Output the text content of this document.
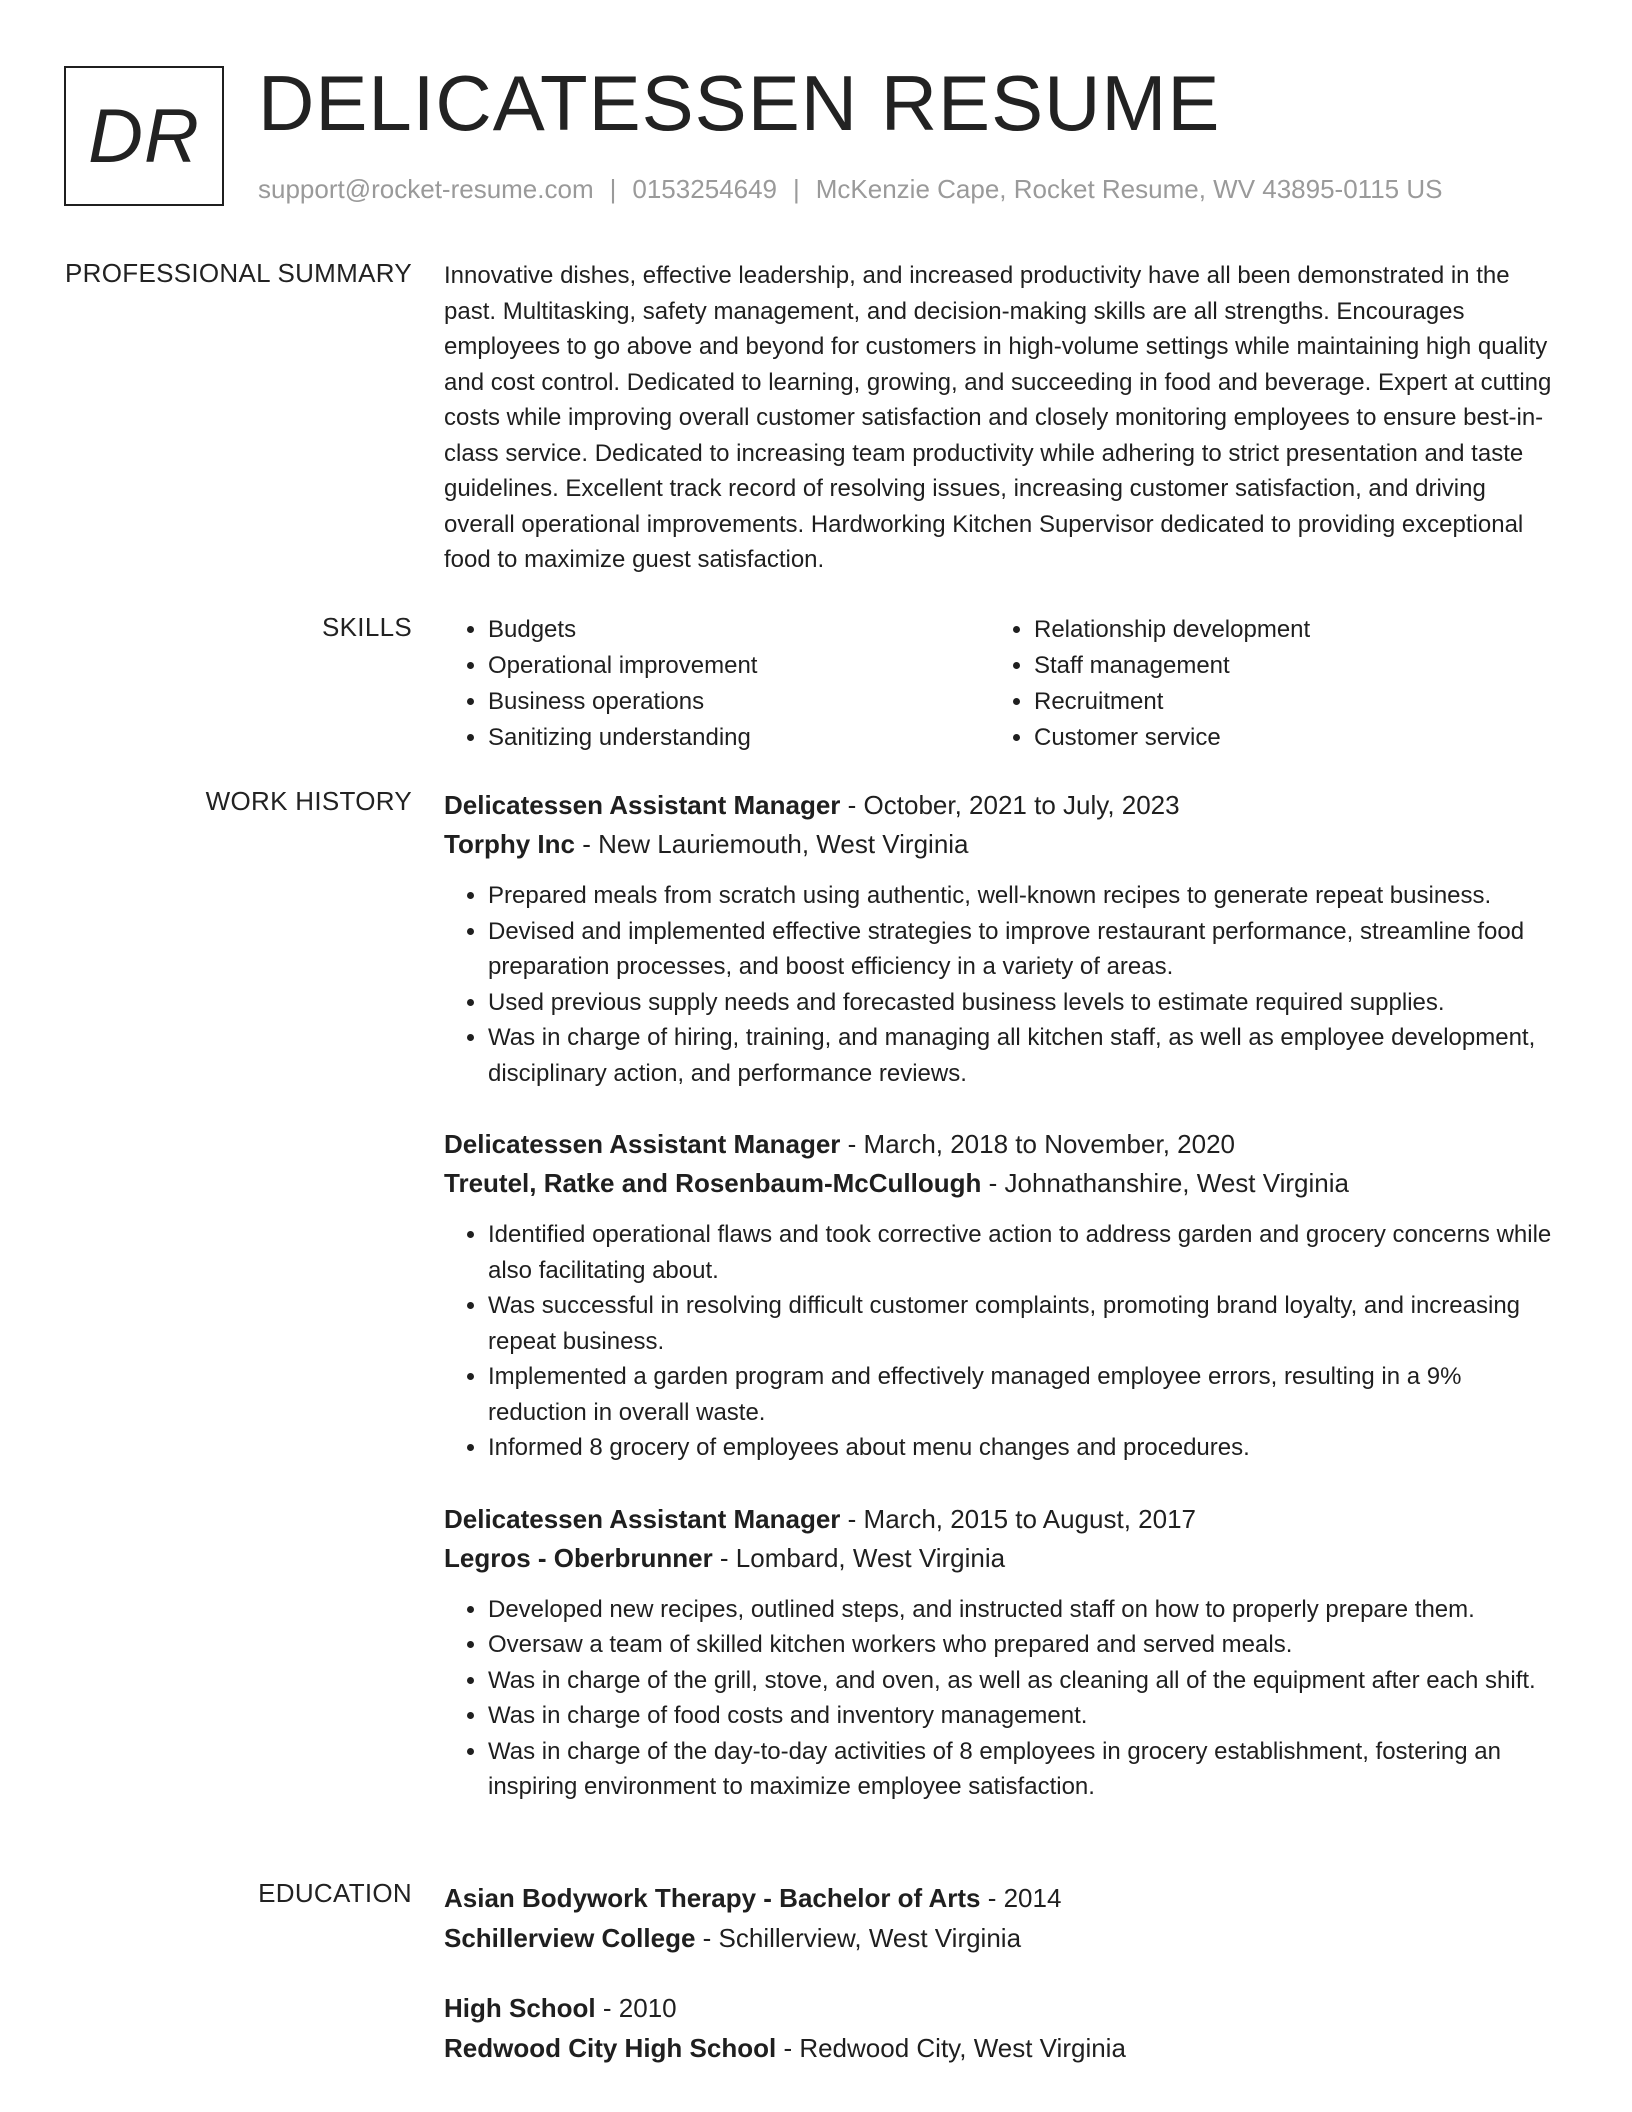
DR DELICATESSEN RESUME
support@rocket-resume.com | 0153254649 | McKenzie Cape, Rocket Resume, WV 43895-0115 US
PROFESSIONAL SUMMARY Innovative dishes, effective leadership, and increased productivity have all been demonstrated in the past. Multitasking, safety management, and decision-making skills are all strengths. Encourages employees to go above and beyond for customers in high-volume settings while maintaining high quality and cost control. Dedicated to learning, growing, and succeeding in food and beverage. Expert at cutting costs while improving overall customer satisfaction and closely monitoring employees to ensure best-in-class service. Dedicated to increasing team productivity while adhering to strict presentation and taste guidelines. Excellent track record of resolving issues, increasing customer satisfaction, and driving overall operational improvements. Hardworking Kitchen Supervisor dedicated to providing exceptional food to maximize guest satisfaction.

SKILLS
•	Budgets
• Operational improvement
• Business operations
• Sanitizing understanding
• Relationship development
• Staff management
• Recruitment
• Customer service
WORK HISTORY Delicatessen Assistant Manager - October, 2021 to July, 2023
Torphy Inc - New Lauriemouth, West Virginia
• Prepared meals from scratch using authentic, well-known recipes to generate repeat business.
• Devised and implemented effective strategies to improve restaurant performance, streamline food preparation processes, and boost efficiency in a variety of areas.
• Used previous supply needs and forecasted business levels to estimate required supplies.
• Was in charge of hiring, training, and managing all kitchen staff, as well as employee development, disciplinary action, and performance reviews.
Delicatessen Assistant Manager - March, 2018 to November, 2020
Treutel, Ratke and Rosenbaum-McCullough - Johnathanshire, West Virginia
• Identified operational flaws and took corrective action to address garden and grocery concerns while also facilitating about.
• Was successful in resolving difficult customer complaints, promoting brand loyalty, and increasing repeat business.
• Implemented a garden program and effectively managed employee errors, resulting in a 9% reduction in overall waste.
• Informed 8 grocery of employees about menu changes and procedures.
Delicatessen Assistant Manager - March, 2015 to August, 2017
Legros - Oberbrunner - Lombard, West Virginia
• Developed new recipes, outlined steps, and instructed staff on how to properly prepare them.
• Oversaw a team of skilled kitchen workers who prepared and served meals.
• Was in charge of the grill, stove, and oven, as well as cleaning all of the equipment after each shift.
• Was in charge of food costs and inventory management.
• Was in charge of the day-to-day activities of 8 employees in grocery establishment, fostering an inspiring environment to maximize employee satisfaction.
EDUCATION Asian Bodywork Therapy - Bachelor of Arts - 2014
Schillerview College - Schillerview, West Virginia
High School - 2010
Redwood City High School - Redwood City, West Virginia
